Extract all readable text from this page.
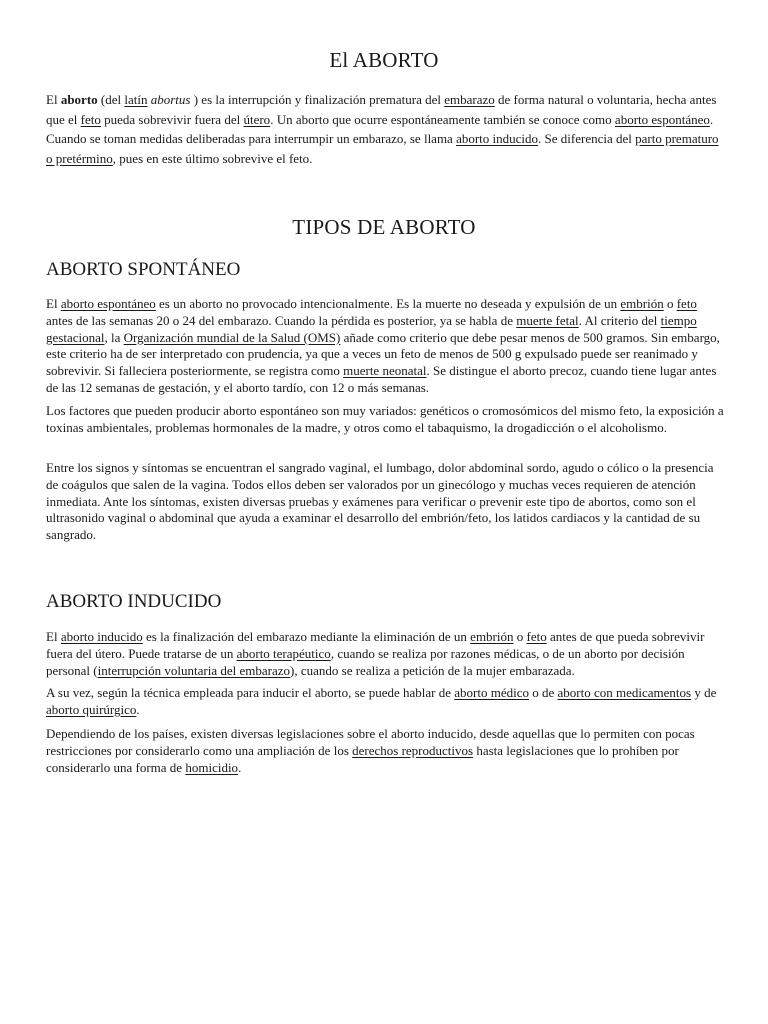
El ABORTO

El aborto (del latín abortus ) es la interrupción y finalización prematura del embarazo de forma natural o voluntaria, hecha antes que el feto pueda sobrevivir fuera del útero. Un aborto que ocurre espontáneamente también se conoce como aborto espontáneo. Cuando se toman medidas deliberadas para interrumpir un embarazo, se llama aborto inducido. Se diferencia del parto prematuro o pretérmino, pues en este último sobrevive el feto.

TIPOS DE ABORTO
ABORTO SPONTÁNEO

El aborto espontáneo es un aborto no provocado intencionalmente. Es la muerte no deseada y expulsión de un embrión o feto antes de las semanas 20 o 24 del embarazo. Cuando la pérdida es posterior, ya se habla de muerte fetal. Al criterio del tiempo gestacional, la Organización mundial de la Salud (OMS) añade como criterio que debe pesar menos de 500 gramos. Sin embargo, este criterio ha de ser interpretado con prudencia, ya que a veces un feto de menos de 500 g expulsado puede ser reanimado y sobrevivir. Si falleciera posteriormente, se registra como muerte neonatal. Se distingue el aborto precoz, cuando tiene lugar antes de las 12 semanas de gestación, y el aborto tardío, con 12 o más semanas.

Los factores que pueden producir aborto espontáneo son muy variados: genéticos o cromosómicos del mismo feto, la exposición a toxinas ambientales, problemas hormonales de la madre, y otros como el tabaquismo, la drogadicción o el alcoholismo.

Entre los signos y síntomas se encuentran el sangrado vaginal, el lumbago, dolor abdominal sordo, agudo o cólico o la presencia de coágulos que salen de la vagina. Todos ellos deben ser valorados por un ginecólogo y muchas veces requieren de atención inmediata. Ante los síntomas, existen diversas pruebas y exámenes para verificar o prevenir este tipo de abortos, como son el ultrasonido vaginal o abdominal que ayuda a examinar el desarrollo del embrión/feto, los latidos cardiacos y la cantidad de su sangrado.

ABORTO INDUCIDO

El aborto inducido es la finalización del embarazo mediante la eliminación de un embrión o feto antes de que pueda sobrevivir fuera del útero. Puede tratarse de un aborto terapéutico, cuando se realiza por razones médicas, o de un aborto por decisión personal (interrupción voluntaria del embarazo), cuando se realiza a petición de la mujer embarazada.

A su vez, según la técnica empleada para inducir el aborto, se puede hablar de aborto médico o de aborto con medicamentos y de aborto quirúrgico.

Dependiendo de los países, existen diversas legislaciones sobre el aborto inducido, desde aquellas que lo permiten con pocas restricciones por considerarlo como una ampliación de los derechos reproductivos hasta legislaciones que lo prohíben por considerarlo una forma de homicidio.
